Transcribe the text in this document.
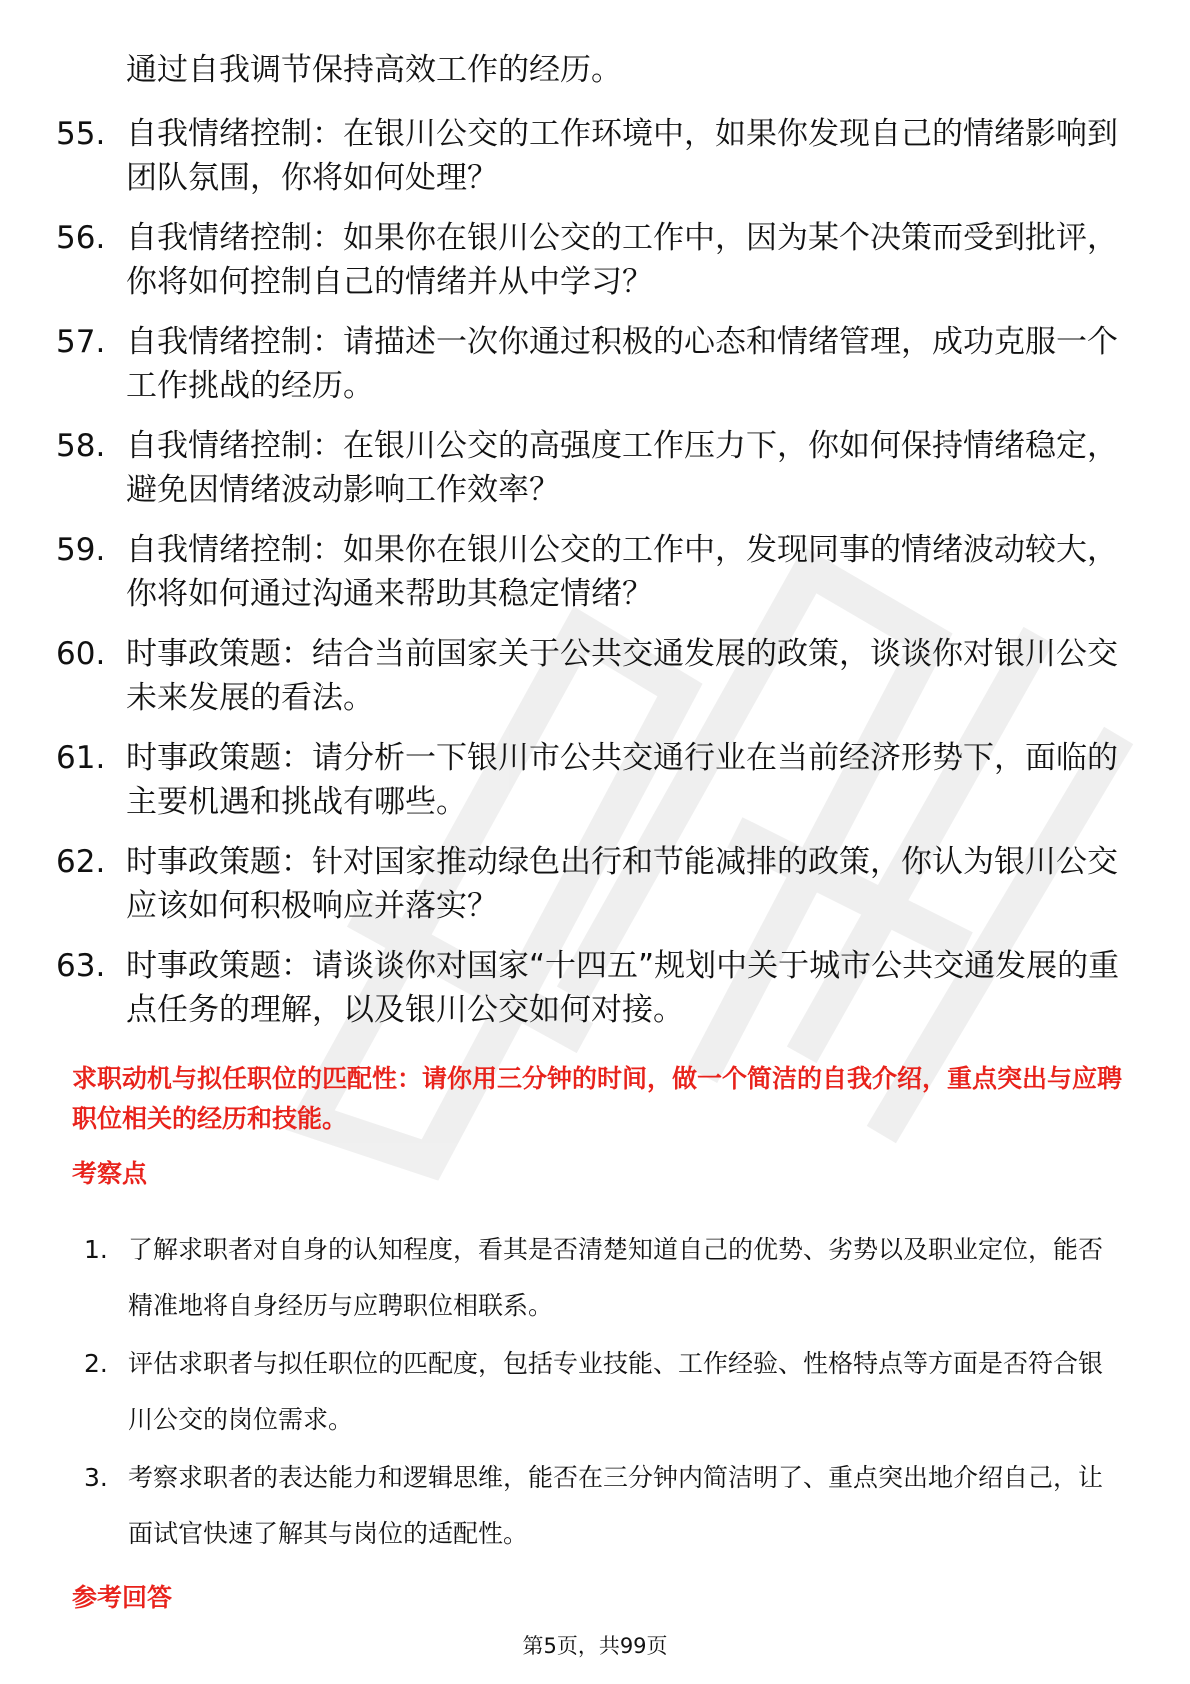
通过自我调节保持高效工作的经历。
55. 自我情绪控制：在银川公交的工作环境中，如果你发现自己的情绪影响到团队氛围，你将如何处理？
56. 自我情绪控制：如果你在银川公交的工作中，因为某个决策而受到批评，你将如何控制自己的情绪并从中学习？
57. 自我情绪控制：请描述一次你通过积极的心态和情绪管理，成功克服一个工作挑战的经历。
58. 自我情绪控制：在银川公交的高强度工作压力下，你如何保持情绪稳定，避免因情绪波动影响工作效率？
59. 自我情绪控制：如果你在银川公交的工作中，发现同事的情绪波动较大，你将如何通过沟通来帮助其稳定情绪？
60. 时事政策题：结合当前国家关于公共交通发展的政策，谈谈你对银川公交未来发展的看法。
61. 时事政策题：请分析一下银川市公共交通行业在当前经济形势下，面临的主要机遇和挑战有哪些。
62. 时事政策题：针对国家推动绿色出行和节能减排的政策，你认为银川公交应该如何积极响应并落实？
63. 时事政策题：请谈谈你对国家“十四五”规划中关于城市公共交通发展的重点任务的理解，以及银川公交如何对接。
求职动机与拟任职位的匹配性：请你用三分钟的时间，做一个简洁的自我介绍，重点突出与应聘职位相关的经历和技能。
考察点
1. 了解求职者对自身的认知程度，看其是否清楚知道自己的优势、劣势以及职业定位，能否精准地将自身经历与应聘职位相联系。
2. 评估求职者与拟任职位的匹配度，包括专业技能、工作经验、性格特点等方面是否符合银川公交的岗位需求。
3. 考察求职者的表达能力和逻辑思维，能否在三分钟内简洁明了、重点突出地介绍自己，让面试官快速了解其与岗位的适配性。
参考回答
第5页，共99页
